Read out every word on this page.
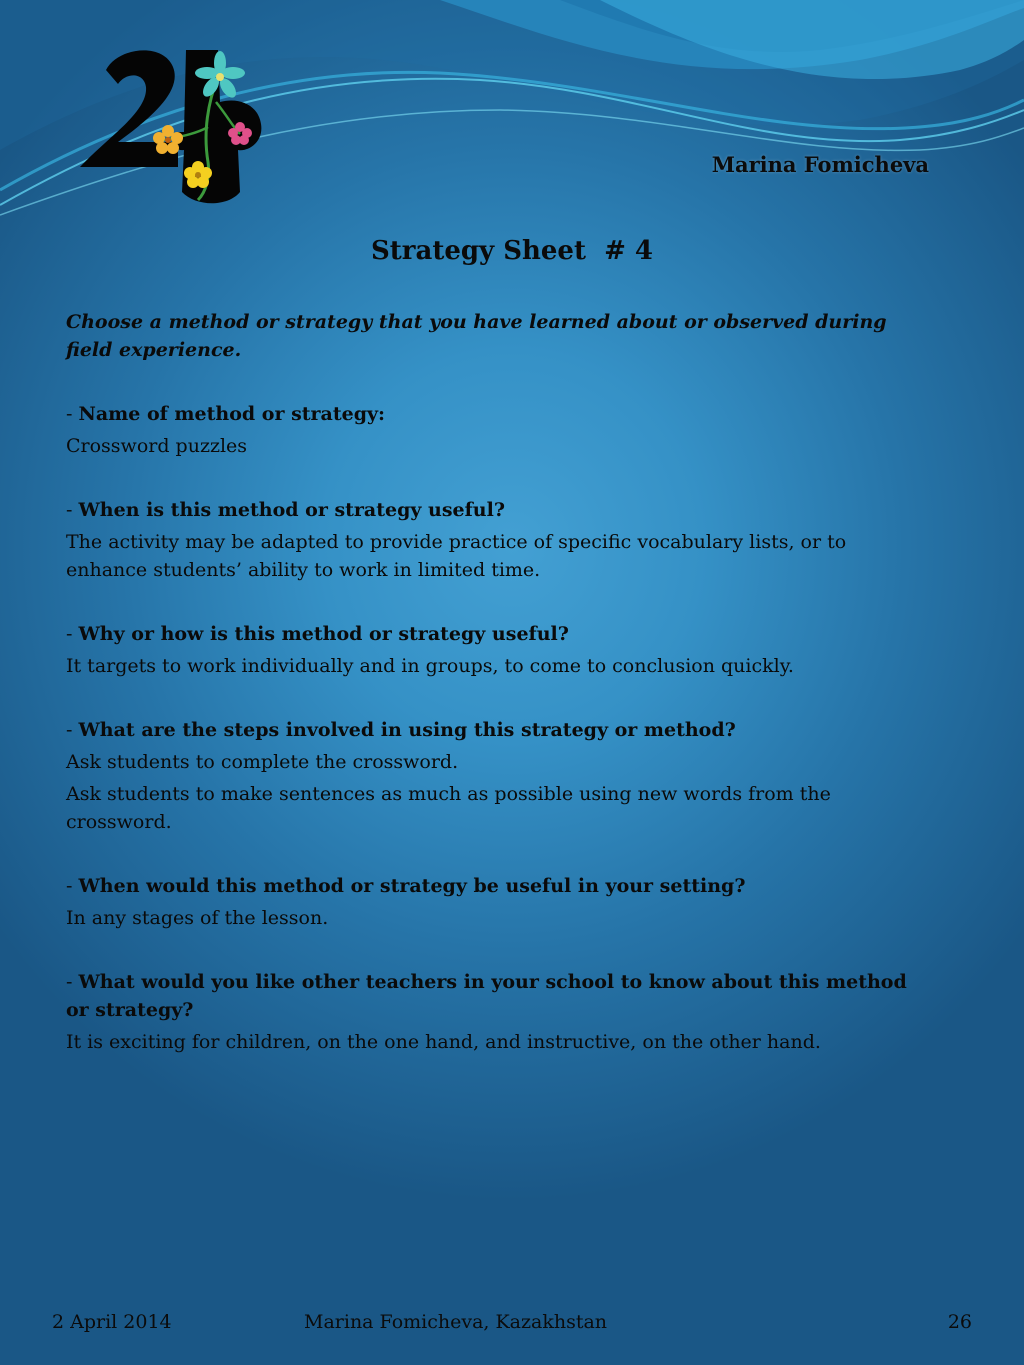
Marina Fomicheva
Strategy Sheet  # 4

Choose a method or strategy that you have learned about or observed during field experience.

- Name of method or strategy:

Crossword puzzles

- When is this method or strategy useful?

The activity may be adapted to provide practice of specific vocabulary lists, or to enhance students’ ability to work in limited time.

- Why or how is this method or strategy useful?

It targets to work individually and in groups, to come to conclusion quickly.

- What are the steps involved in using this strategy or method?

Ask students to complete the crossword.

Ask students to make sentences as much as possible using new words from the crossword.

- When would this method or strategy be useful in your setting?

In any stages of the lesson.

- What would you like other teachers in your school to know about this method or strategy?

It is exciting for children, on the one hand, and instructive, on the other hand.

2 April 2014	Marina Fomicheva, Kazakhstan	26
